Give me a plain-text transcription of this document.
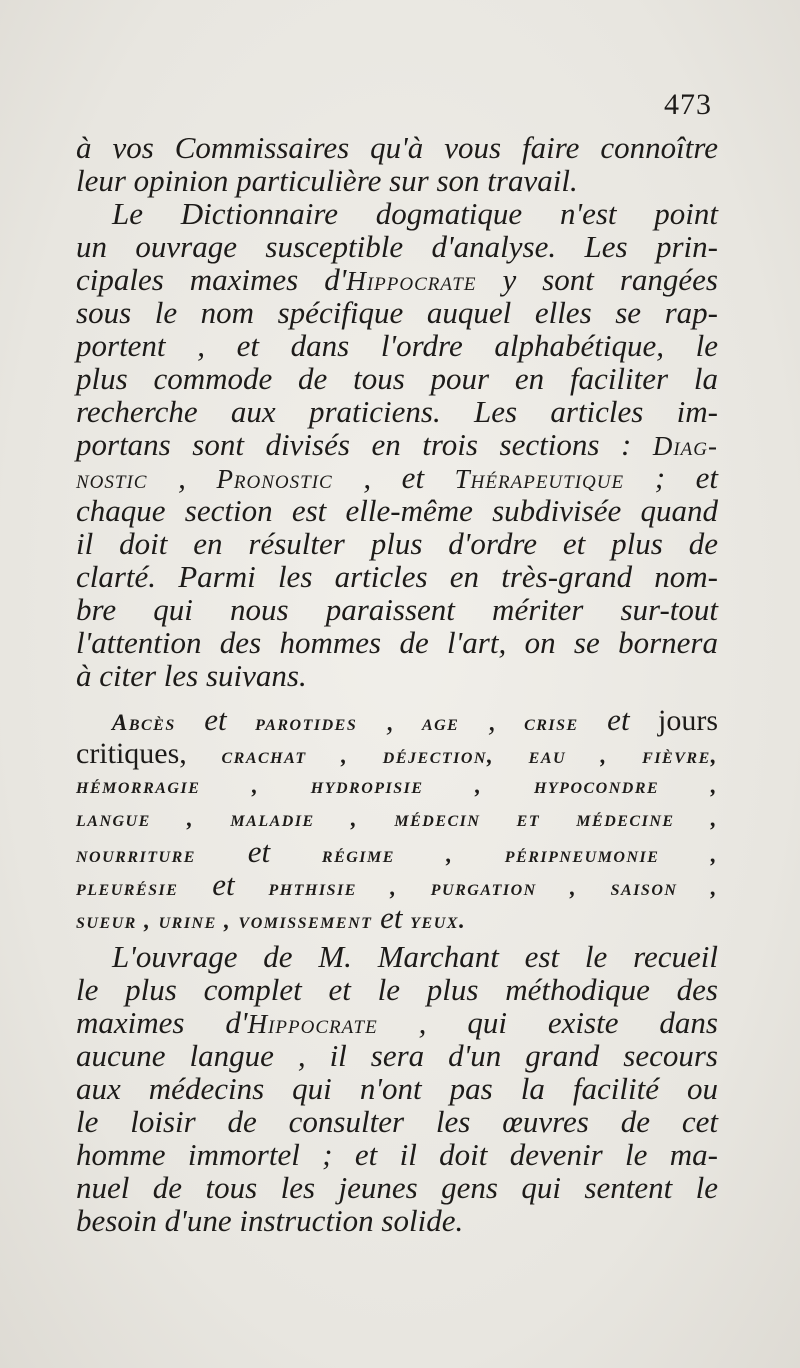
473
à vos Commissaires qu'à vous faire connoître
leur opinion particulière sur son travail.
Le Dictionnaire dogmatique n'est point
un ouvrage susceptible d'analyse. Les prin-
cipales maximes d'Hippocrate y sont rangées
sous le nom spécifique auquel elles se rap-
portent , et dans l'ordre alphabétique, le
plus commode de tous pour en faciliter la
recherche aux praticiens. Les articles im-
portans sont divisés en trois sections : Diag-
nostic , Pronostic , et Thérapeutique ; et
chaque section est elle-même subdivisée quand
il doit en résulter plus d'ordre et plus de
clarté. Parmi les articles en très-grand nom-
bre qui nous paraissent mériter sur-tout
l'attention des hommes de l'art, on se bornera
à citer les suivans.
Abcès et parotides , age , crise et jours
critiques, crachat , déjection, eau , fièvre,
hémorragie , hydropisie , hypocondre ,
langue , maladie , médecin et médecine ,
nourriture et régime , péripneumonie ,
pleurésie et phthisie , purgation , saison ,
sueur , urine , vomissement et yeux.
L'ouvrage de M. Marchant est le recueil
le plus complet et le plus méthodique des
maximes d'Hippocrate , qui existe dans
aucune langue , il sera d'un grand secours
aux médecins qui n'ont pas la facilité ou
le loisir de consulter les œuvres de cet
homme immortel ; et il doit devenir le ma-
nuel de tous les jeunes gens qui sentent le
besoin d'une instruction solide.
